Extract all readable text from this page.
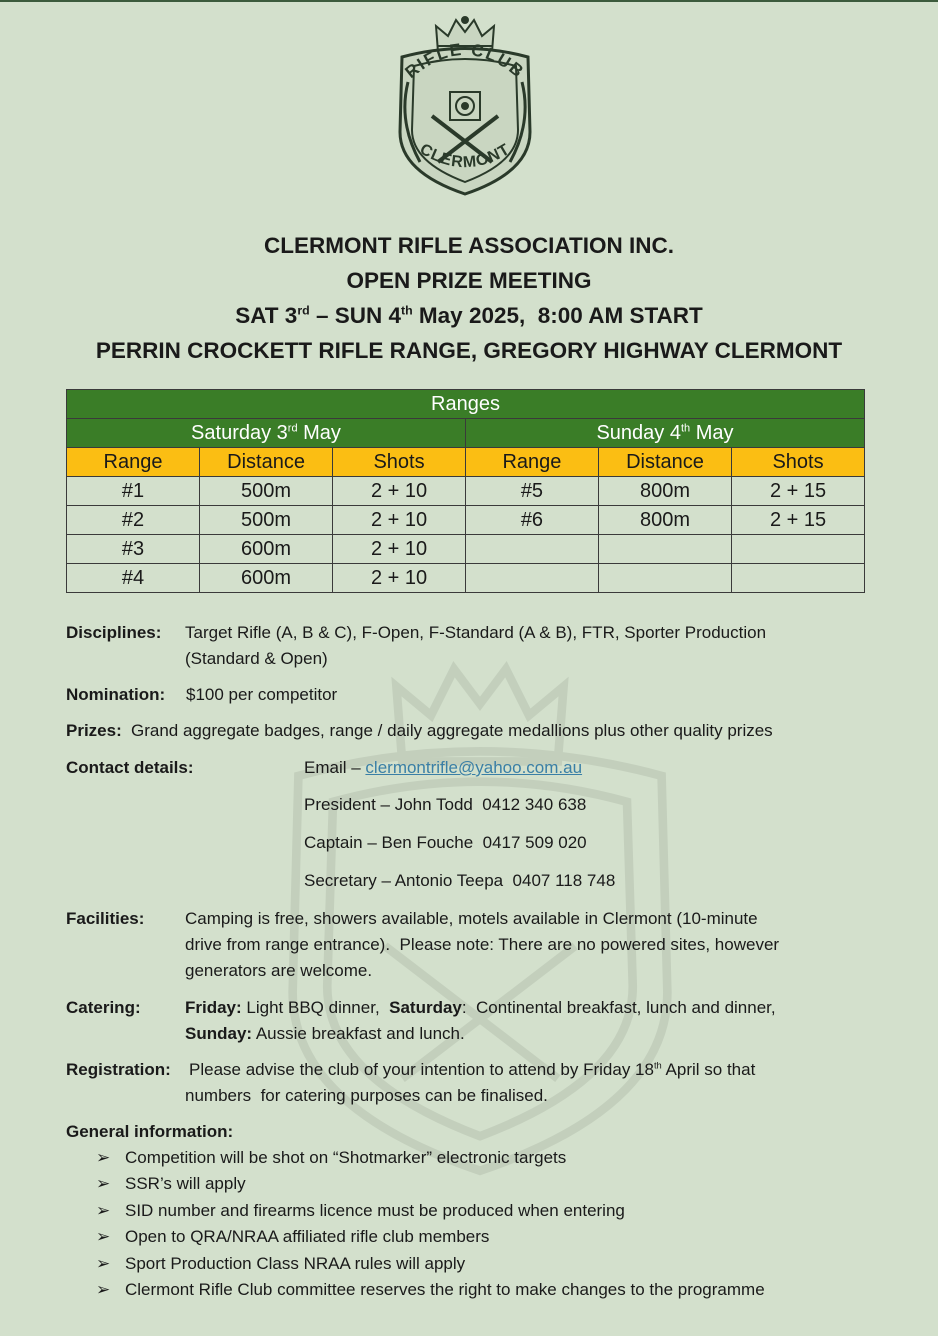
RIFLE CLUB
CLERMONT
CLERMONT RIFLE ASSOCIATION INC.
OPEN PRIZE MEETING
SAT 3rd – SUN 4th May 2025,  8:00 AM START
PERRIN CROCKETT RIFLE RANGE, GREGORY HIGHWAY CLERMONT
Ranges					
Saturday 3rd May			Sunday 4th May		
Range	Distance	Shots	Range	Distance	Shots
#1	500m	2 + 10	#5	800m	2 + 15
#2	500m	2 + 10	#6	800m	2 + 15
#3	600m	2 + 10			
#4	600m	2 + 10			
Disciplines: Target Rifle (A, B & C), F-Open, F-Standard (A & B), FTR, Sporter Production
(Standard & Open)
Nomination: $100 per competitor
Prizes: Grand aggregate badges, range / daily aggregate medallions plus other quality prizes
Contact details:	Email – clermontrifle@yahoo.com.au
President – John Todd  0412 340 638
Captain – Ben Fouche  0417 509 020
Secretary – Antonio Teepa  0407 118 748
Facilities: Camping is free, showers available, motels available in Clermont (10-minute
drive from range entrance).  Please note: There are no powered sites, however
generators are welcome.
Catering:	Friday: Light BBQ dinner,  Saturday:  Continental breakfast, lunch and dinner,
Sunday: Aussie breakfast and lunch.
Registration: Please advise the club of your intention to attend by Friday 18th April so that
numbers  for catering purposes can be finalised.
General information:
➢ Competition will be shot on “Shotmarker” electronic targets
➢ SSR’s will apply
➢ SID number and firearms licence must be produced when entering
➢ Open to QRA/NRAA affiliated rifle club members
➢ Sport Production Class NRAA rules will apply
➢ Clermont Rifle Club committee reserves the right to make changes to the programme
